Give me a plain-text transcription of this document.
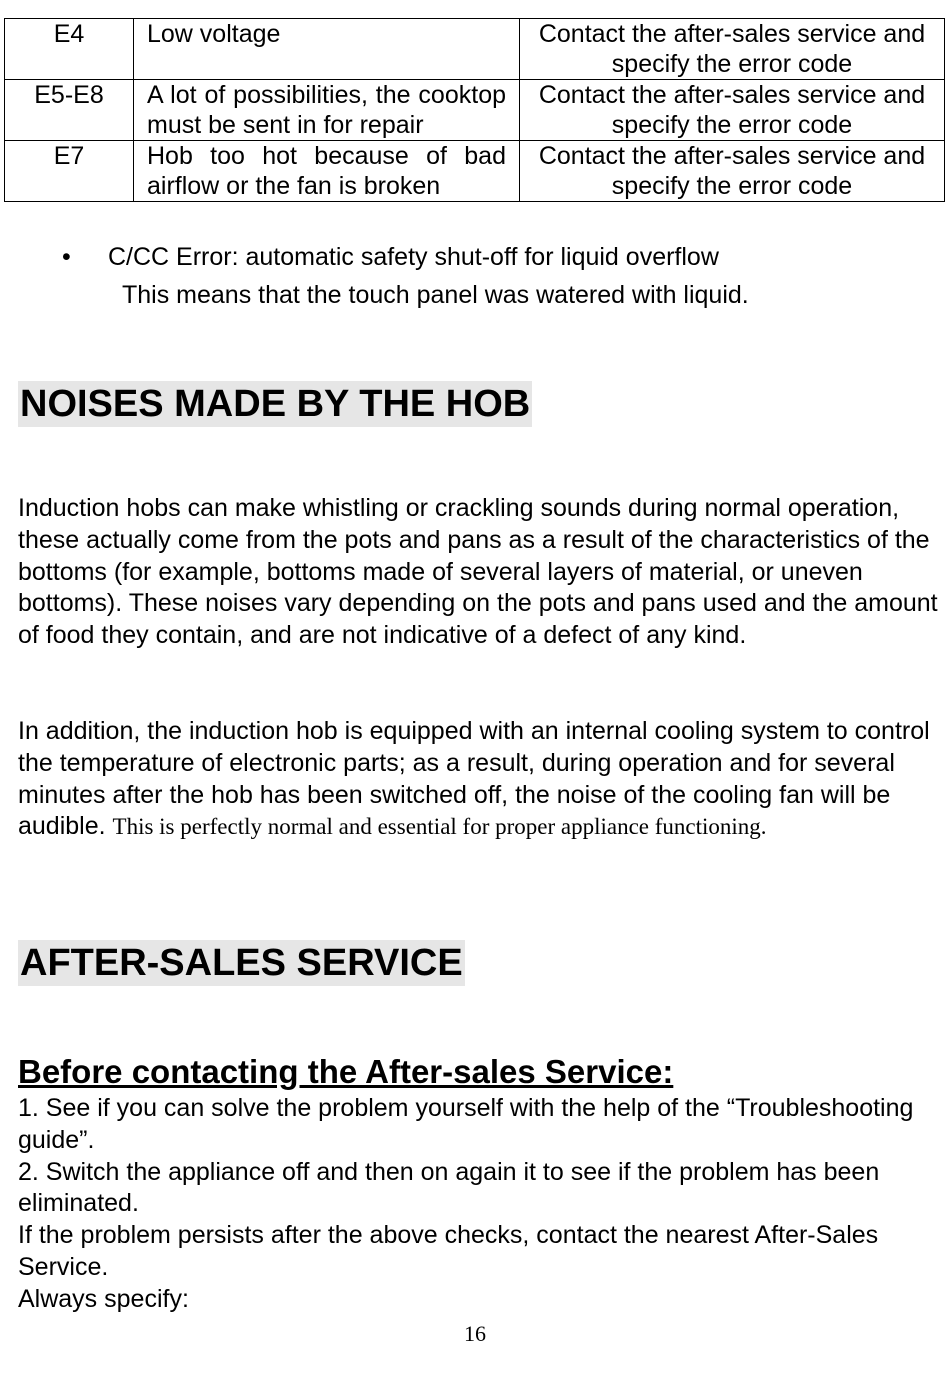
E4	Low voltage	Contact the after-sales service and specify the error code
E5-E8	A lot of possibilities, the cooktop must be sent in for repair	Contact the after-sales service and specify the error code
E7	Hob too hot because of bad airflow or the fan is broken	Contact the after-sales service and specify the error code
• C/CC Error: automatic safety shut-off for liquid overflow
This means that the touch panel was watered with liquid.
NOISES MADE BY THE HOB
Induction hobs can make whistling or crackling sounds during normal operation, these actually come from the pots and pans as a result of the characteristics of the bottoms (for example, bottoms made of several layers of material, or uneven bottoms). These noises vary depending on the pots and pans used and the amount of food they contain, and are not indicative of a defect of any kind.
In addition, the induction hob is equipped with an internal cooling system to control the temperature of electronic parts; as a result, during operation and for several minutes after the hob has been switched off, the noise of the cooling fan will be audible. This is perfectly normal and essential for proper appliance functioning.
AFTER-SALES SERVICE
Before contacting the After-sales Service:
1. See if you can solve the problem yourself with the help of the “Troubleshooting guide”.
2. Switch the appliance off and then on again it to see if the problem has been eliminated.
If the problem persists after the above checks, contact the nearest After-Sales Service.
Always specify:
16
